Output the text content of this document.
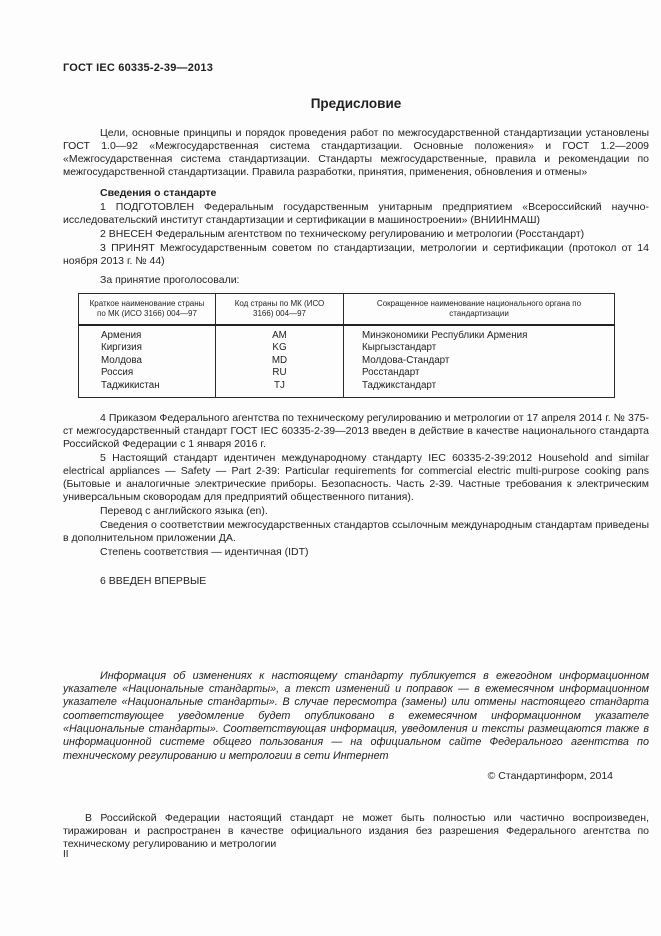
ГОСТ IEC 60335-2-39—2013
Предисловие

Цели, основные принципы и порядок проведения работ по межгосударственной стандартизации установлены ГОСТ 1.0—92 «Межгосударственная система стандартизации. Основные положения» и ГОСТ 1.2—2009 «Межгосударственная система стандартизации. Стандарты межгосударственные, правила и рекомендации по межгосударственной стандартизации. Правила разработки, принятия, применения, обновления и отмены»

Сведения о стандарте

1 ПОДГОТОВЛЕН Федеральным государственным унитарным предприятием «Всероссийский научно-исследовательский институт стандартизации и сертификации в машиностроении» (ВНИИНМАШ)

2 ВНЕСЕН Федеральным агентством по техническому регулированию и метрологии (Росстандарт)

3 ПРИНЯТ Межгосударственным советом по стандартизации, метрологии и сертификации (протокол от 14 ноября 2013 г. № 44)

За принятие проголосовали:

Краткое наименование страны по МК (ИСО 3166) 004—97	Код страны по МК (ИСО 3166) 004—97	Сокращенное наименование национального органа по стандартизации
Армения	AM	Минэкономики Республики Армения
Киргизия	KG	Кыргызстандарт
Молдова	MD	Молдова-Стандарт
Россия	RU	Росстандарт
Таджикистан	TJ	Таджикстандарт

4 Приказом Федерального агентства по техническому регулированию и метрологии от 17 апреля 2014 г. № 375-ст межгосударственный стандарт ГОСТ IEC 60335-2-39—2013 введен в действие в качестве национального стандарта Российской Федерации с 1 января 2016 г.

5 Настоящий стандарт идентичен международному стандарту IEC 60335-2-39:2012 Household and similar electrical appliances — Safety — Part 2-39: Particular requirements for commercial electric multi-purpose cooking pans (Бытовые и аналогичные электрические приборы. Безопасность. Часть 2-39. Частные требования к электрическим универсальным сковородам для предприятий общественного питания).

Перевод с английского языка (en).

Сведения о соответствии межгосударственных стандартов ссылочным международным стандартам приведены в дополнительном приложении ДА.

Степень соответствия — идентичная (IDT)

6 ВВЕДЕН ВПЕРВЫЕ

Информация об изменениях к настоящему стандарту публикуется в ежегодном информационном указателе «Национальные стандарты», а текст изменений и поправок — в ежемесячном информационном указателе «Национальные стандарты». В случае пересмотра (замены) или отмены настоящего стандарта соответствующее уведомление будет опубликовано в ежемесячном информационном указателе «Национальные стандарты». Соответствующая информация, уведомления и тексты размещаются также в информационной системе общего пользования — на официальном сайте Федерального агентства по техническому регулированию и метрологии в сети Интернет

© Стандартинформ, 2014

В Российской Федерации настоящий стандарт не может быть полностью или частично воспроизведен, тиражирован и распространен в качестве официального издания без разрешения Федерального агентства по техническому регулированию и метрологии

II
